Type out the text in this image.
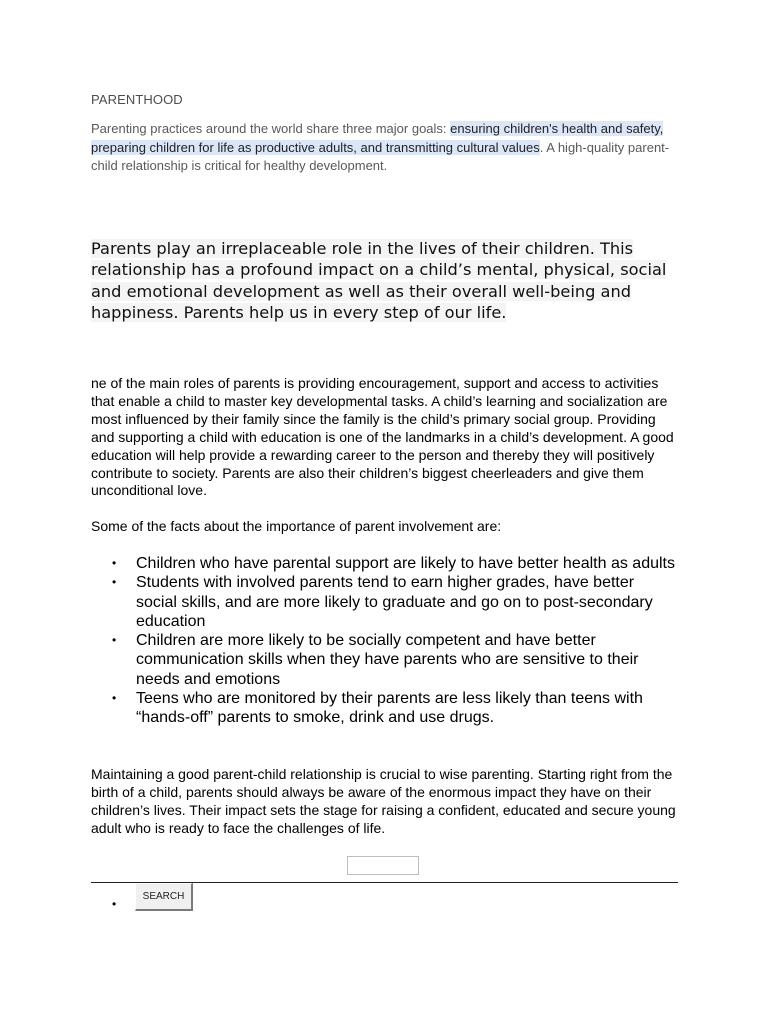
PARENTHOOD
Parenting practices around the world share three major goals: ensuring children's health and safety, preparing children for life as productive adults, and transmitting cultural values. A high-quality parent-child relationship is critical for healthy development.
Parents play an irreplaceable role in the lives of their children. This relationship has a profound impact on a child’s mental, physical, social and emotional development as well as their overall well-being and happiness. Parents help us in every step of our life.
ne of the main roles of parents is providing encouragement, support and access to activities that enable a child to master key developmental tasks. A child’s learning and socialization are most influenced by their family since the family is the child’s primary social group. Providing and supporting a child with education is one of the landmarks in a child’s development. A good education will help provide a rewarding career to the person and thereby they will positively contribute to society. Parents are also their children’s biggest cheerleaders and give them unconditional love.
Some of the facts about the importance of parent involvement are:
• Children who have parental support are likely to have better health as adults
• Students with involved parents tend to earn higher grades, have better social skills, and are more likely to graduate and go on to post-secondary education
• Children are more likely to be socially competent and have better communication skills when they have parents who are sensitive to their needs and emotions
• Teens who are monitored by their parents are less likely than teens with “hands-off” parents to smoke, drink and use drugs.
Maintaining a good parent-child relationship is crucial to wise parenting. Starting right from the birth of a child, parents should always be aware of the enormous impact they have on their children’s lives. Their impact sets the stage for raising a confident, educated and secure young adult who is ready to face the challenges of life.
SEARCH
•
